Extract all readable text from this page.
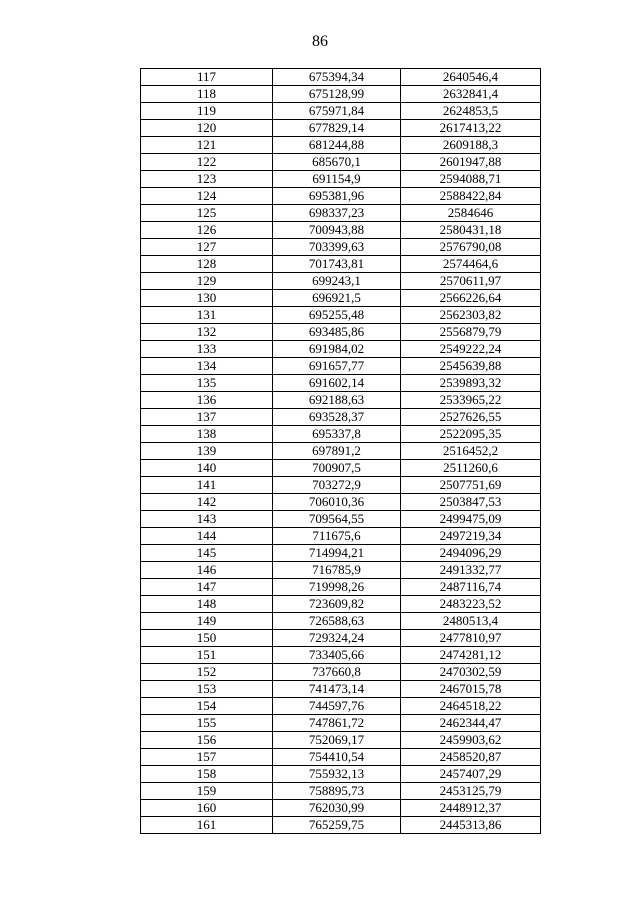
86
117	675394,34	2640546,4
118	675128,99	2632841,4
119	675971,84	2624853,5
120	677829,14	2617413,22
121	681244,88	2609188,3
122	685670,1	2601947,88
123	691154,9	2594088,71
124	695381,96	2588422,84
125	698337,23	2584646
126	700943,88	2580431,18
127	703399,63	2576790,08
128	701743,81	2574464,6
129	699243,1	2570611,97
130	696921,5	2566226,64
131	695255,48	2562303,82
132	693485,86	2556879,79
133	691984,02	2549222,24
134	691657,77	2545639,88
135	691602,14	2539893,32
136	692188,63	2533965,22
137	693528,37	2527626,55
138	695337,8	2522095,35
139	697891,2	2516452,2
140	700907,5	2511260,6
141	703272,9	2507751,69
142	706010,36	2503847,53
143	709564,55	2499475,09
144	711675,6	2497219,34
145	714994,21	2494096,29
146	716785,9	2491332,77
147	719998,26	2487116,74
148	723609,82	2483223,52
149	726588,63	2480513,4
150	729324,24	2477810,97
151	733405,66	2474281,12
152	737660,8	2470302,59
153	741473,14	2467015,78
154	744597,76	2464518,22
155	747861,72	2462344,47
156	752069,17	2459903,62
157	754410,54	2458520,87
158	755932,13	2457407,29
159	758895,73	2453125,79
160	762030,99	2448912,37
161	765259,75	2445313,86
